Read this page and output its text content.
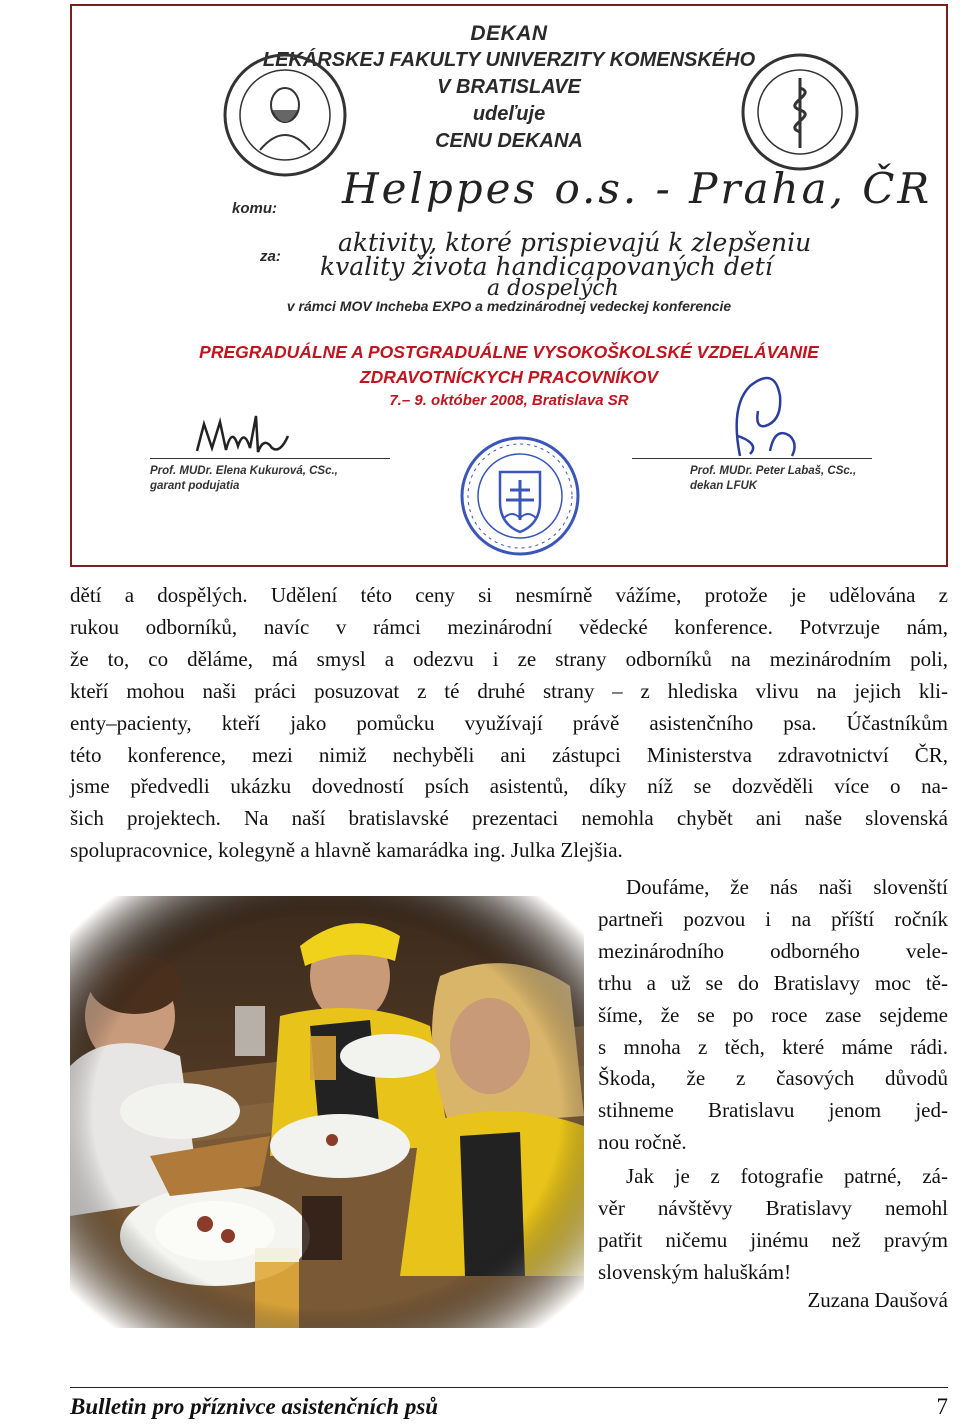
DEKAN
LEKÁRSKEJ FAKULTY UNIVERZITY KOMENSKÉHO
V BRATISLAVE
udeľuje
CENU DEKANA
komu: Helppes o.s. - Praha, ČR
za: aktivity, ktoré prispievajú k zlepšeniu
kvality života handicapovaných detí
a dospelých
v rámci MOV Incheba EXPO a medzinárodnej vedeckej konferencie
PREGRADUÁLNE A POSTGRADUÁLNE VYSOKOŠKOLSKÉ VZDELÁVANIE
ZDRAVOTNÍCKYCH PRACOVNÍKOV
7.– 9. október 2008, Bratislava SR
Prof. MUDr. Elena Kukurová, CSc.,
garant podujatia
Prof. MUDr. Peter Labaš, CSc.,
dekan LFUK

dětí a dospělých. Udělení této ceny si nesmírně vážíme, protože je udělována z
rukou odborníků, navíc v rámci mezinárodní vědecké konference. Potvrzuje nám,
že to, co děláme, má smysl a odezvu i ze strany odborníků na mezinárodním poli,
kteří mohou naši práci posuzovat z té druhé strany – z hlediska vlivu na jejich kli-
enty–pacienty, kteří jako pomůcku využívají právě asistenčního psa. Účastníkům
této konference, mezi nimiž nechyběli ani zástupci Ministerstva zdravotnictví ČR,
jsme předvedli ukázku dovedností psích asistentů, díky níž se dozvěděli více o na-
šich projektech. Na naší bratislavské prezentaci nemohla chybět ani naše slovenská
spolupracovnice, kolegyně a hlavně kamarádka ing. Julka Zlejšia.

Doufáme, že nás naši slovenští
partneři pozvou i na příští ročník
mezinárodního odborného vele-
trhu a už se do Bratislavy moc tě-
šíme, že se po roce zase sejdeme
s mnoha z těch, které máme rádi.
Škoda, že z časových důvodů
stihneme Bratislavu jenom jed-
nou ročně.

Jak je z fotografie patrné, zá-
věr návštěvy Bratislavy nemohl
patřit ničemu jinému než pravým
slovenským haluškám!

Zuzana Daušová
Bulletin pro příznivce asistenčních psů	7
